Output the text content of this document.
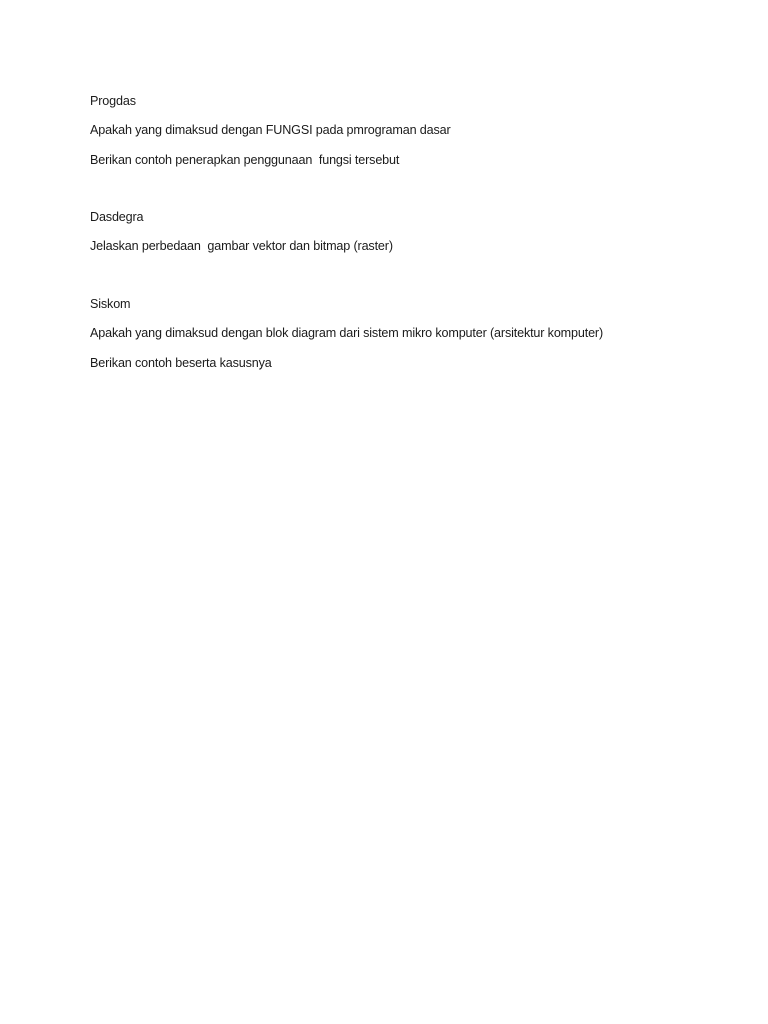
Progdas

Apakah yang dimaksud dengan FUNGSI pada pmrograman dasar

Berikan contoh penerapkan penggunaan  fungsi tersebut

Dasdegra

Jelaskan perbedaan  gambar vektor dan bitmap (raster)

Siskom

Apakah yang dimaksud dengan blok diagram dari sistem mikro komputer (arsitektur komputer)

Berikan contoh beserta kasusnya
